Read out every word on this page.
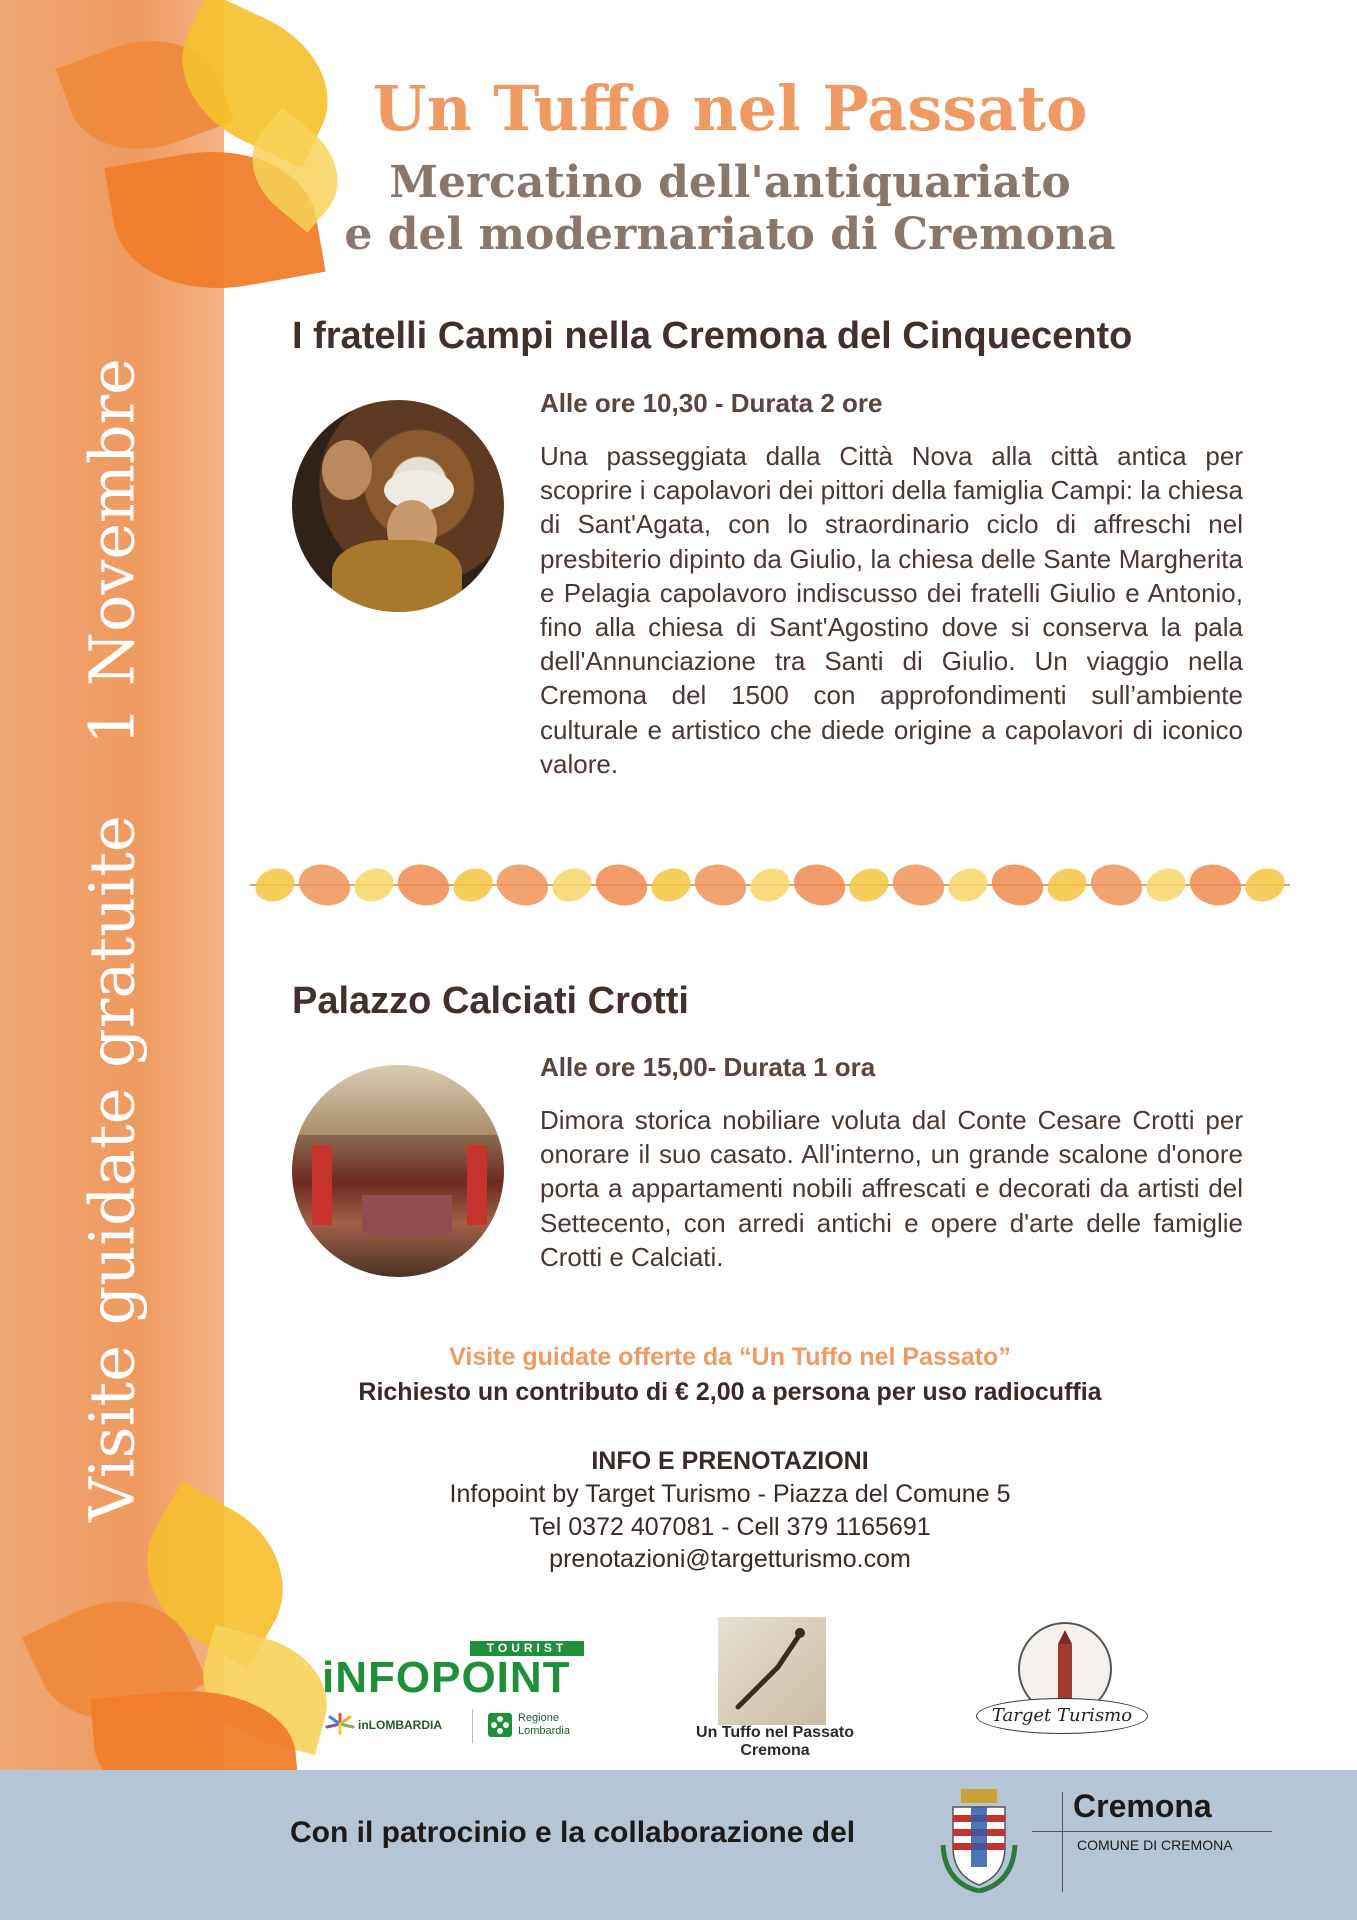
Visite guidate gratuite1 Novembre
Un Tuffo nel Passato
Mercatino dell'antiquariato
e del modernariato di Cremona
I fratelli Campi nella Cremona del Cinquecento
Alle ore 10,30 - Durata 2 ore
Una passeggiata dalla Città Nova alla città antica per scoprire i capolavori dei pittori della famiglia Campi: la chiesa di Sant'Agata, con lo straordinario ciclo di affreschi nel presbiterio dipinto da Giulio, la chiesa delle Sante Margherita e Pelagia capolavoro indiscusso dei fratelli Giulio e Antonio, fino alla chiesa di Sant'Agostino dove si conserva la pala dell'Annunciazione tra Santi di Giulio. Un viaggio nella Cremona del 1500 con approfondimenti sull’ambiente culturale e artistico che diede origine a capolavori di iconico valore.
Palazzo Calciati Crotti
Alle ore 15,00- Durata 1 ora
Dimora storica nobiliare voluta dal Conte Cesare Crotti per onorare il suo casato. All'interno, un grande scalone d'onore porta a appartamenti nobili affrescati e decorati da artisti del Settecento, con arredi antichi e opere d'arte delle famiglie Crotti e Calciati.
Visite guidate offerte da “Un Tuffo nel Passato”
Richiesto un contributo di € 2,00 a persona per uso radiocuffia
INFO E PRENOTAZIONI
Infopoint by Target Turismo - Piazza del Comune 5
Tel 0372 407081 - Cell 379 1165691
prenotazioni@targetturismo.com
TOURIST
iNFOPOINT
inLOMBARDIA	Regione
Lombardia	Un Tuffo nel Passato
Cremona
Target Turismo
Con il patrocinio e la collaborazione del
Cremona
COMUNE DI CREMONA
